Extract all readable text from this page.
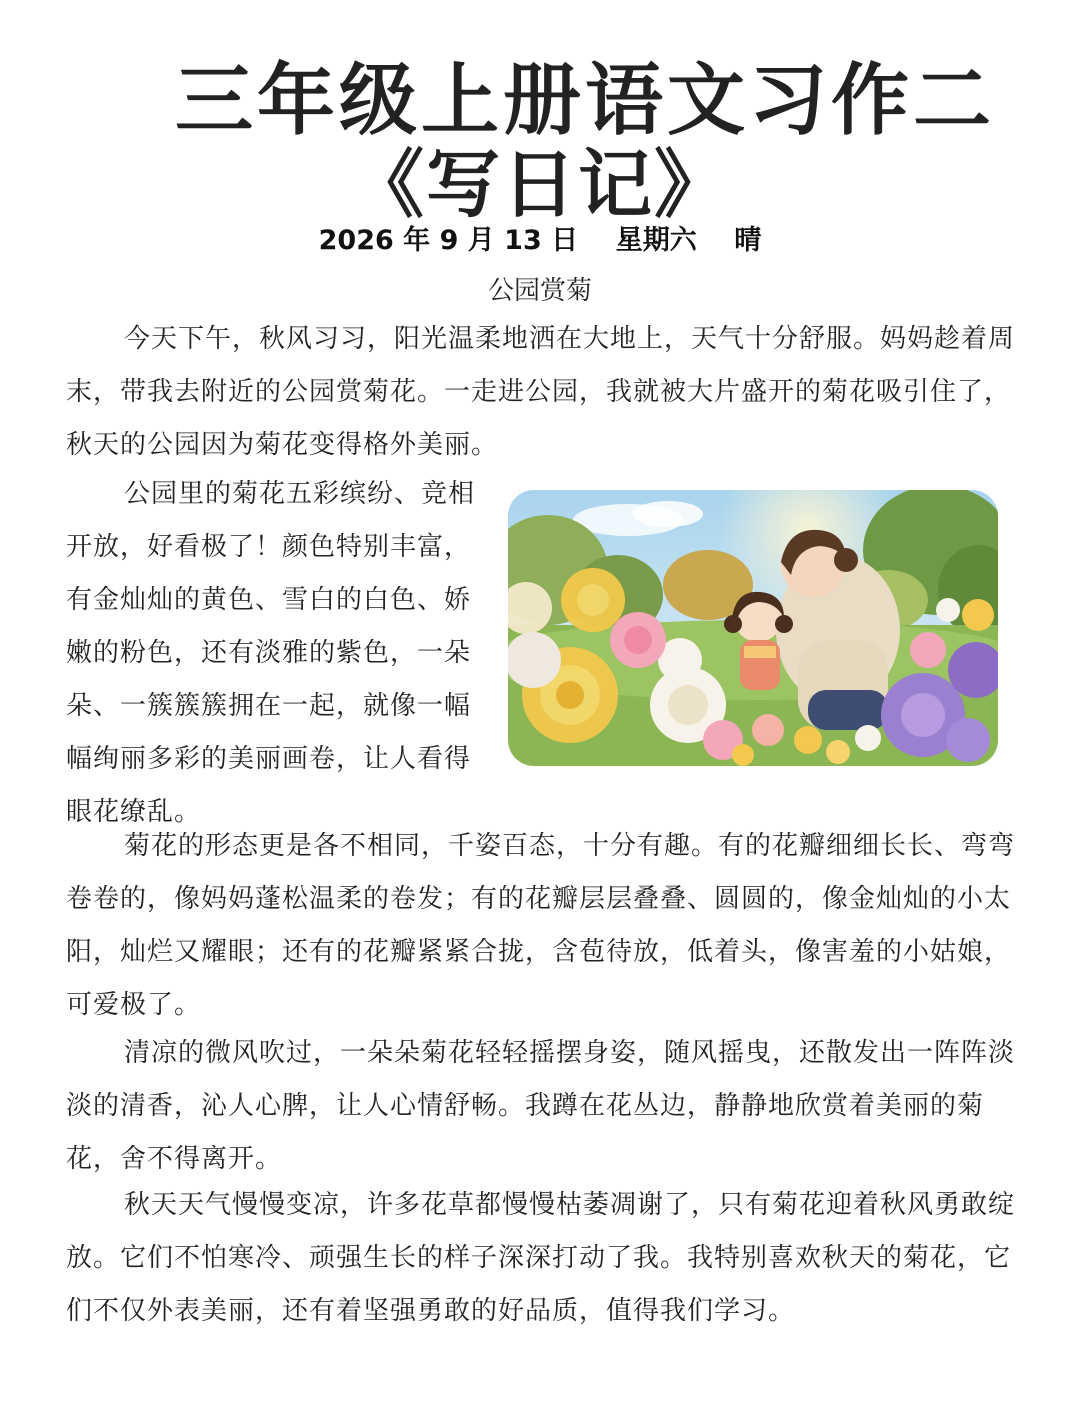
三年级上册语文习作二
《写日记》
2026 年 9 月 13 日    星期六    晴
公园赏菊

今天下午，秋风习习，阳光温柔地洒在大地上，天气十分舒服。妈妈趁着周末，带我去附近的公园赏菊花。一走进公园，我就被大片盛开的菊花吸引住了，秋天的公园因为菊花变得格外美丽。

公园里的菊花五彩缤纷、竞相开放，好看极了！颜色特别丰富，有金灿灿的黄色、雪白的白色、娇嫩的粉色，还有淡雅的紫色，一朵朵、一簇簇簇拥在一起，就像一幅幅绚丽多彩的美丽画卷，让人看得眼花缭乱。

菊花的形态更是各不相同，千姿百态，十分有趣。有的花瓣细细长长、弯弯卷卷的，像妈妈蓬松温柔的卷发；有的花瓣层层叠叠、圆圆的，像金灿灿的小太阳，灿烂又耀眼；还有的花瓣紧紧合拢，含苞待放，低着头，像害羞的小姑娘，可爱极了。

清凉的微风吹过，一朵朵菊花轻轻摇摆身姿，随风摇曳，还散发出一阵阵淡淡的清香，沁人心脾，让人心情舒畅。我蹲在花丛边，静静地欣赏着美丽的菊花，舍不得离开。

秋天天气慢慢变凉，许多花草都慢慢枯萎凋谢了，只有菊花迎着秋风勇敢绽放。它们不怕寒冷、顽强生长的样子深深打动了我。我特别喜欢秋天的菊花，它们不仅外表美丽，还有着坚强勇敢的好品质，值得我们学习。
